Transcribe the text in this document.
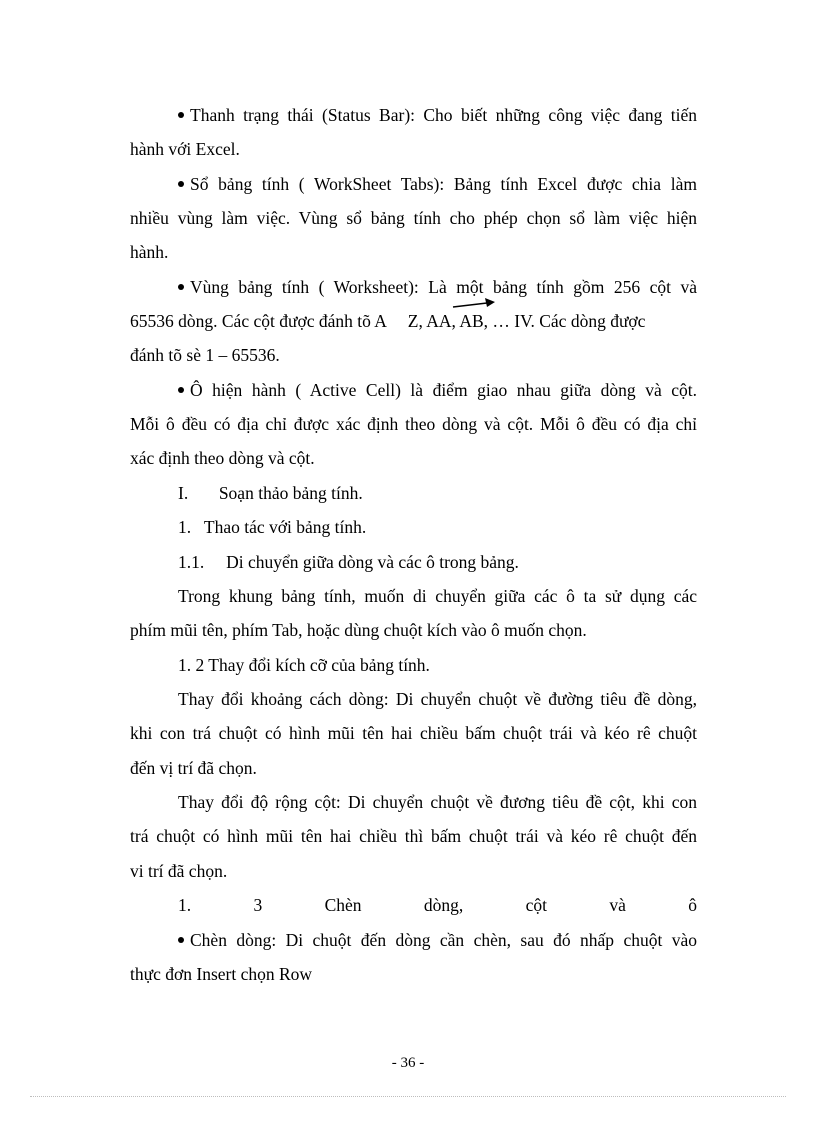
Thanh trạng thái (Status Bar): Cho biết những công việc đang tiến
hành với Excel.
Sổ bảng tính ( WorkSheet Tabs): Bảng tính Excel được chia làm
nhiều vùng làm việc. Vùng sổ bảng tính cho phép chọn sổ làm việc hiện
hành.
Vùng bảng tính ( Worksheet): Là một bảng tính gồm 256 cột và
65536 dòng. Các cột được đánh tõ A     Z, AA, AB, … IV. Các dòng được
đánh tõ sè 1 – 65536.
Ô hiện hành ( Active Cell) là điểm giao nhau giữa dòng và cột.
Mỗi ô đều có địa chỉ được xác định theo dòng và cột. Mỗi ô đều có địa chỉ
xác định theo dòng và cột.
I.       Soạn thảo bảng tính.
1.   Thao tác với bảng tính.
1.1.     Di chuyển giữa dòng và các ô trong bảng.
Trong khung bảng tính, muốn di chuyển giữa các ô ta sử dụng các
phím mũi tên, phím Tab, hoặc dùng chuột kích vào ô muốn chọn.
1. 2 Thay đổi kích cỡ của bảng tính.
Thay đổi khoảng cách dòng: Di chuyển chuột về đường tiêu đề dòng,
khi con trá chuột có hình mũi tên hai chiều bấm chuột trái và kéo rê chuột
đến vị trí đã chọn.
Thay đổi độ rộng cột: Di chuyển chuột về đương tiêu đề cột, khi con
trá chuột có hình mũi tên hai chiều thì bấm chuột trái và kéo rê chuột đến
vi trí đã chọn.
1.	3	Chèn	dòng,	cột	và	ô
Chèn dòng: Di chuột đến dòng cần chèn, sau đó nhấp chuột vào
thực đơn Insert chọn Row
- 36 -
